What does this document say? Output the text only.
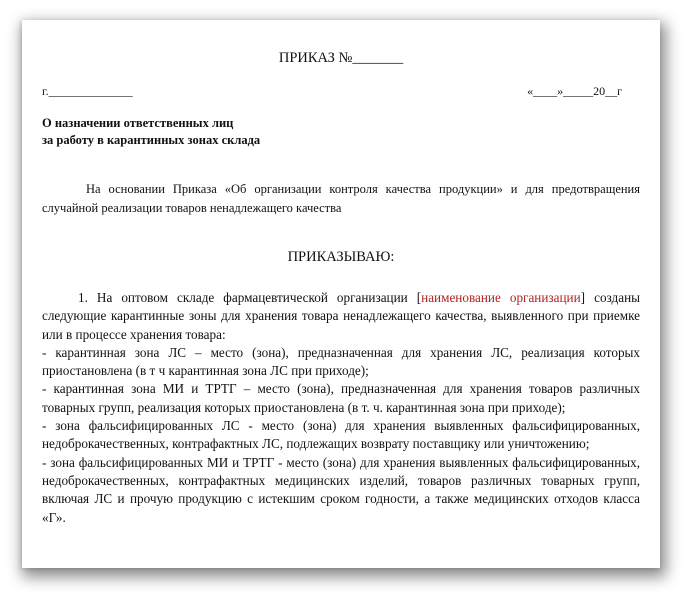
ПРИКАЗ №_______
г.______________	«____»_____20__г
О назначении ответственных лиц
за работу в карантинных зонах склада
На основании Приказа «Об организации контроля качества продукции» и для предотвращения случайной реализации товаров ненадлежащего качества
ПРИКАЗЫВАЮ:

1. На оптовом складе фармацевтической организации [наименование организации] созданы следующие карантинные зоны для хранения товара ненадлежащего качества, выявленного при приемке или в процессе хранения товара:

- карантинная зона ЛС – место (зона), предназначенная для хранения ЛС, реализация которых приостановлена (в т ч карантинная зона ЛС при приходе);

- карантинная зона МИ и ТРТГ – место (зона), предназначенная для хранения товаров различных товарных групп, реализация которых приостановлена (в т. ч. карантинная зона при приходе);

- зона фальсифицированных ЛС - место (зона) для хранения выявленных фальсифицированных, недоброкачественных, контрафактных ЛС, подлежащих возврату поставщику или уничтожению;

- зона фальсифицированных МИ и ТРТГ - место (зона) для хранения выявленных фальсифицированных, недоброкачественных, контрафактных медицинских изделий, товаров различных товарных групп, включая ЛС и прочую продукцию с истекшим сроком годности, а также медицинских отходов класса «Г».
